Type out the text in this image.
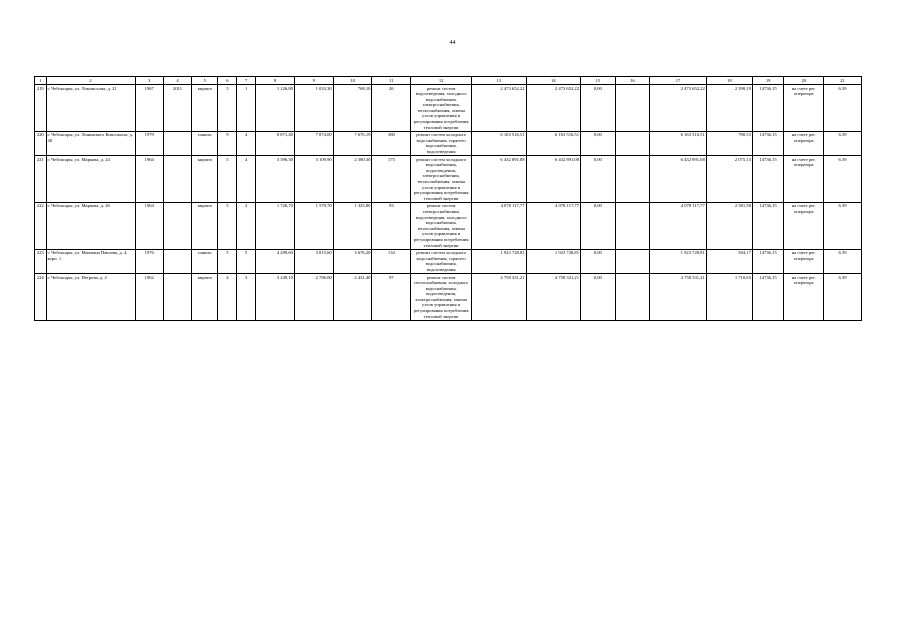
44
1	2	3	4	5	6	7	8	9	10	11	12	13	14	15	16	17	18	19	20	21
219	г. Чебоксары, ул. Ломоносова, д. 21	1967	2011	кирпич	5	1	1 126,80	1 033,30	768,10	26	ремонт систем водоотведения, холодного водоснабжения, электроснабжения, теплоснабжения, замена узлов управления и регулирования потребления тепловой энергии	2 473 652,22	2 473 652,22	0,00		2 473 652,22	2 398,19	14736,15	на счете рег. оператора	6.39
220	г. Чебоксары, ул. Ленинского Комсомола, д. 40	1979		панель	9	4	8 871,40	7 874,00	7 676,19	380	ремонт систем холодного водоснабжения, горячего водоснабжения, водоотведения	6 163 516,51	6 163 516,51	0,00		6 163 516,51	780,53	14736,15	на счете рег. оператора	6.39
221	г. Чебоксары, ул. Маркова, д. 24	1964		кирпич	5	4	3 396,30	3 109,90	2 580,30	175	ремонт систем холодного водоснабжения, водоотведения, электроснабжения, теплоснабжения, замена узлов управления и регулирования потребления тепловой энергии	6 432 891,08	6 432 891,08	0,00		6 432 891,08	2 075,13	14736,15	на счете рег. оператора	6.39
222	г. Чебоксары, ул. Маркова, д. 26	1964		кирпич	5	2	1 726,70	1 579,70	1 325,80	93	ремонт систем электроснабжения, водоотведения, холодного водоснабжения, теплоснабжения, замена узлов управления и регулирования потребления тепловой энергии	4 078 117,77	4 078 117,77	0,00		4 078 117,77	2 581,58	14736,15	на счете рег. оператора	6.39
223	г. Чебоксары, ул. Мичмана Павлова, д. 4, корп. 1	1976		панель	5	5	4 299,60	3 815,60	3 676,20	134	ремонт систем холодного водоснабжения, горячего водоснабжения, водоотведения	1 923 728,81	1 923 728,81	0,00		1 923 728,81	504,17	14736,15	на счете рег. оператора	6.39
224	г. Чебоксары, ул. Петрова, д. 2	1962		кирпич	4	3	3 249,10	2 786,00	2 431,40	97	ремонт систем теплоснабжения, холодного водоснабжения, водоотведения, электроснабжения, замена узлов управления и регулирования потребления тепловой энергии	4 758 331,21	4 758 331,21	0,00		4 758 331,21	1 710,65	14736,15	на счете рег. оператора	6.39
